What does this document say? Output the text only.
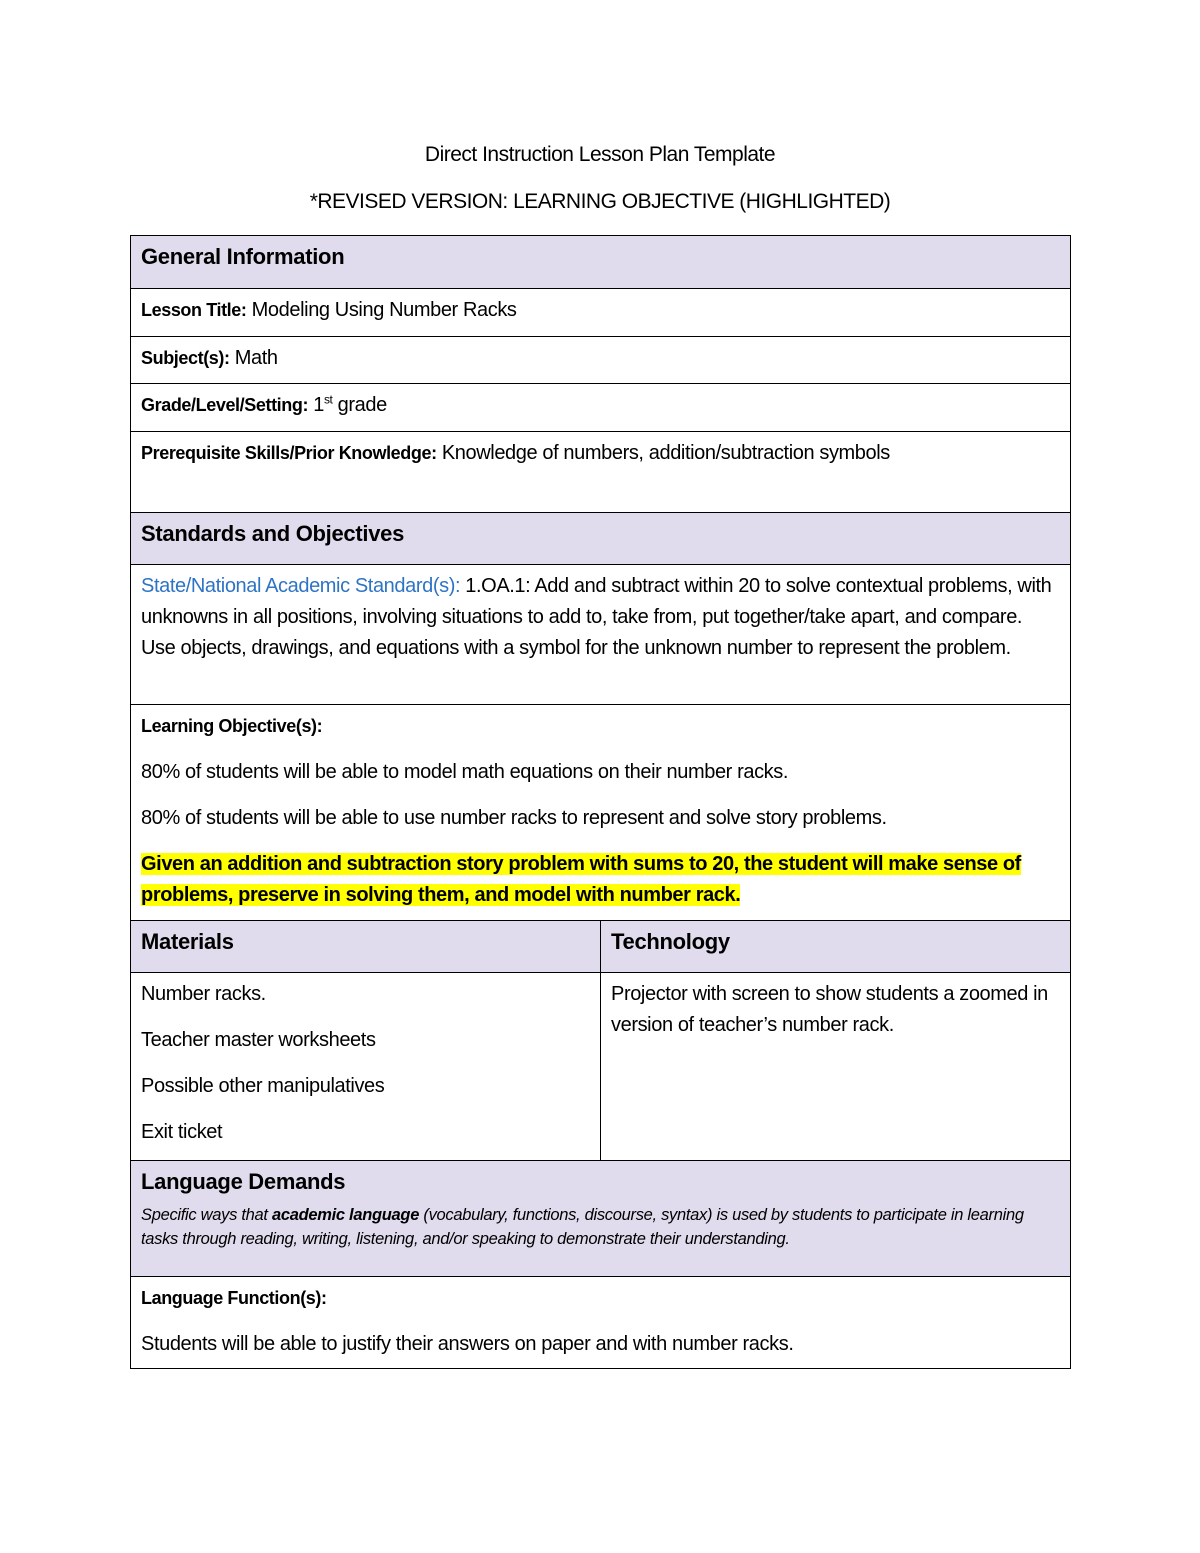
Direct Instruction Lesson Plan Template
*REVISED VERSION: LEARNING OBJECTIVE (HIGHLIGHTED)
General Information	
Lesson Title: Modeling Using Number Racks	
Subject(s): Math	
Grade/Level/Setting: 1st grade	
Prerequisite Skills/Prior Knowledge: Knowledge of numbers, addition/subtraction symbols	
Standards and Objectives	
State/National Academic Standard(s): 1.OA.1: Add and subtract within 20 to solve contextual problems, with unknowns in all positions, involving situations to add to, take from, put together/take apart, and compare. Use objects, drawings, and equations with a symbol for the unknown number to represent the problem.	

Learning Objective(s):

80% of students will be able to model math equations on their number racks.

80% of students will be able to use number racks to represent and solve story problems.

Given an addition and subtraction story problem with sums to 20, the student will make sense of problems, preserve in solving them, and model with number rack.	

Materials	Technology

Number racks.

Teacher master worksheets

Possible other manipulatives

Exit ticket	Projector with screen to show students a zoomed in version of teacher’s number rack.

Language Demands
Specific ways that academic language (vocabulary, functions, discourse, syntax) is used by students to participate in learning tasks through reading, writing, listening, and/or speaking to demonstrate their understanding.	

Language Function(s):

Students will be able to justify their answers on paper and with number racks.	
